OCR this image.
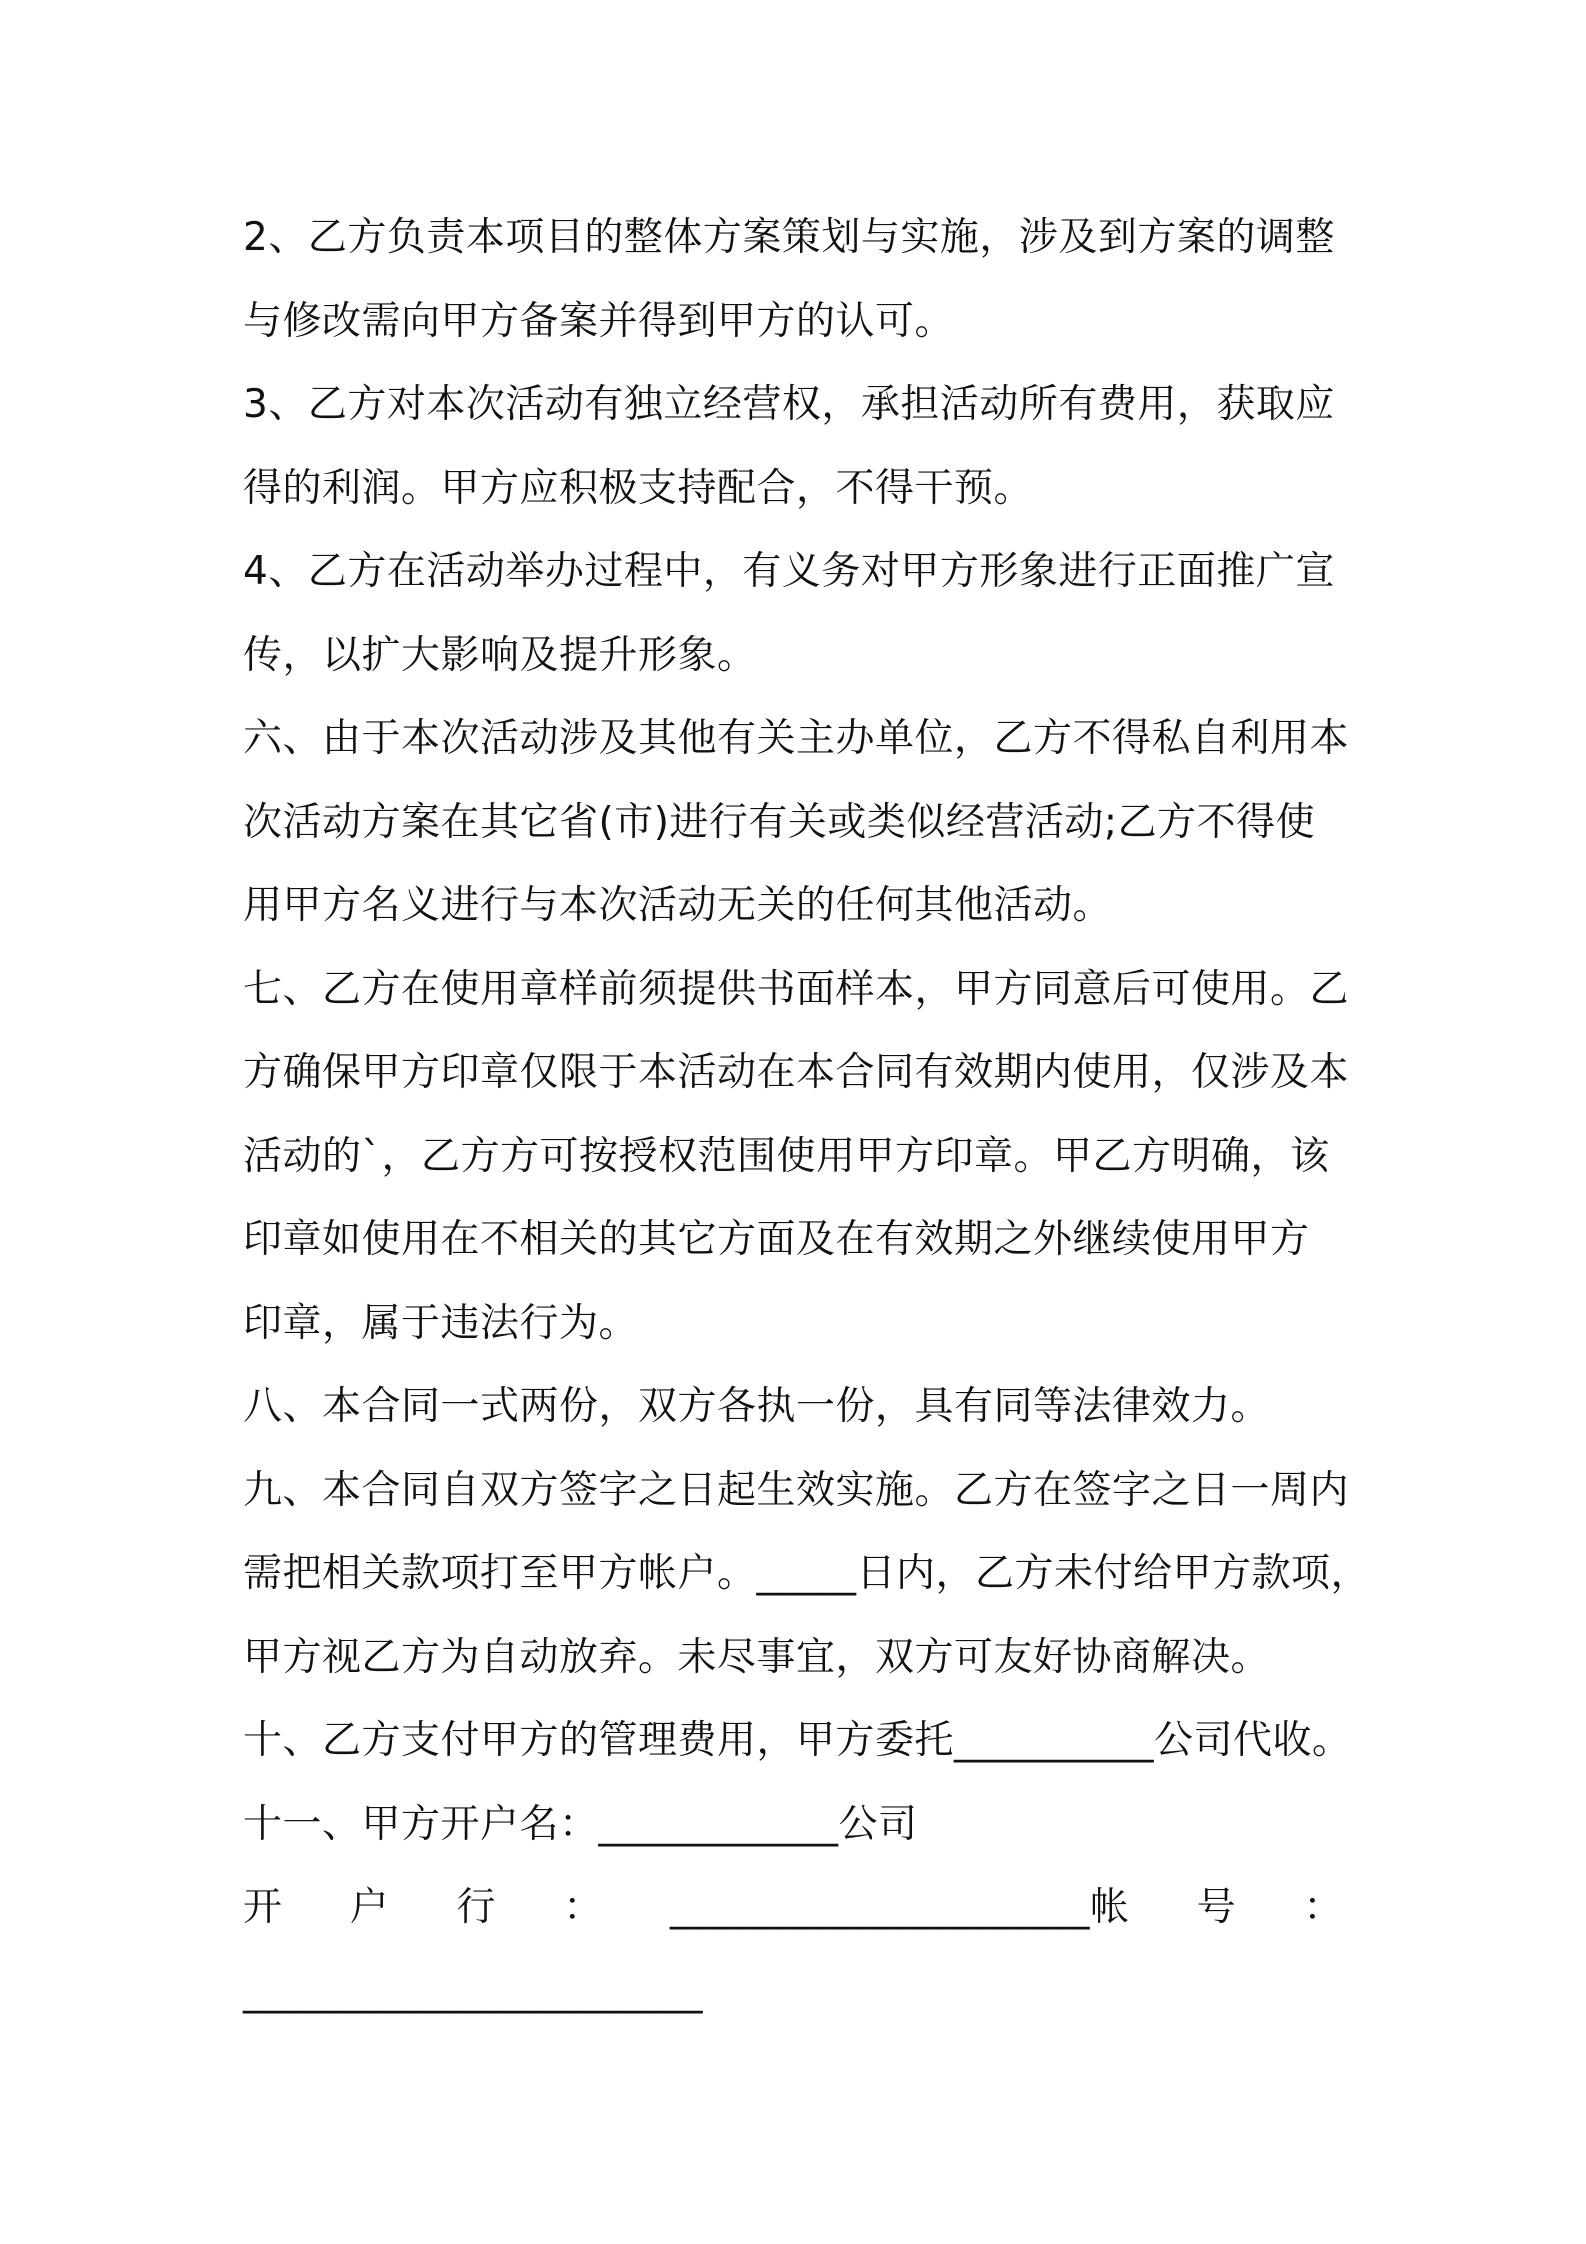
2、乙方负责本项目的整体方案策划与实施，涉及到方案的调整
与修改需向甲方备案并得到甲方的认可。
3、乙方对本次活动有独立经营权，承担活动所有费用，获取应
得的利润。甲方应积极支持配合，不得干预。
4、乙方在活动举办过程中，有义务对甲方形象进行正面推广宣
传，以扩大影响及提升形象。
六、由于本次活动涉及其他有关主办单位，乙方不得私自利用本
次活动方案在其它省(市)进行有关或类似经营活动;乙方不得使
用甲方名义进行与本次活动无关的任何其他活动。
七、乙方在使用章样前须提供书面样本，甲方同意后可使用。乙
方确保甲方印章仅限于本活动在本合同有效期内使用，仅涉及本
活动的`，乙方方可按授权范围使用甲方印章。甲乙方明确，该
印章如使用在不相关的其它方面及在有效期之外继续使用甲方
印章，属于违法行为。
八、本合同一式两份，双方各执一份，具有同等法律效力。
九、本合同自双方签字之日起生效实施。乙方在签字之日一周内
需把相关款项打至甲方帐户。_____日内，乙方未付给甲方款项，
甲方视乙方为自动放弃。未尽事宜，双方可友好协商解决。
十、乙方支付甲方的管理费用，甲方委托__________公司代收。
十一、甲方开户名：____________公司
开 户 行 ： _____________________帐 号 ：
_______________________
